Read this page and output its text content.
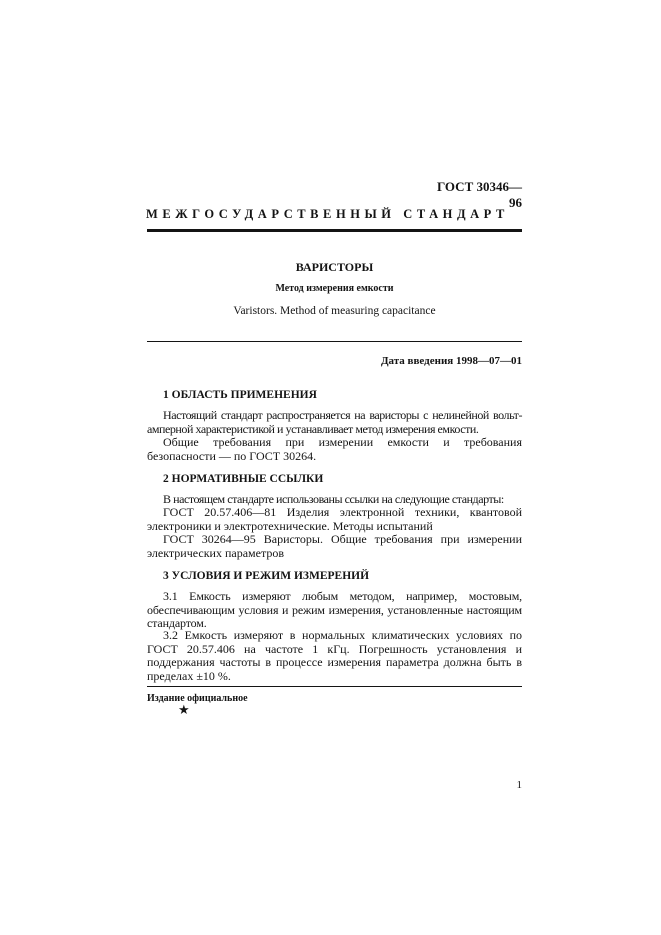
ГОСТ 30346—96
МЕЖГОСУДАРСТВЕННЫЙ СТАНДАРТ
ВАРИСТОРЫ
Метод измерения емкости
Varistors. Method of measuring capacitance
Дата введения 1998—07—01
1 ОБЛАСТЬ ПРИМЕНЕНИЯ
Настоящий стандарт распространяется на варисторы с нелинейной вольт-амперной характеристикой и устанавливает метод измерения емкости.
Общие требования при измерении емкости и требования безопасности — по ГОСТ 30264.
2 НОРМАТИВНЫЕ ССЫЛКИ
В настоящем стандарте использованы ссылки на следующие стандарты:
ГОСТ 20.57.406—81 Изделия электронной техники, квантовой электроники и электротехнические. Методы испытаний
ГОСТ 30264—95 Варисторы. Общие требования при измерении электрических параметров
3 УСЛОВИЯ И РЕЖИМ ИЗМЕРЕНИЙ
3.1 Емкость измеряют любым методом, например, мостовым, обеспечивающим условия и режим измерения, установленные настоящим стандартом.
3.2 Емкость измеряют в нормальных климатических условиях по ГОСТ 20.57.406 на частоте 1 кГц. Погрешность установления и поддержания частоты в процессе измерения параметра должна быть в пределах ±10 %.
Издание официальное
★
1
